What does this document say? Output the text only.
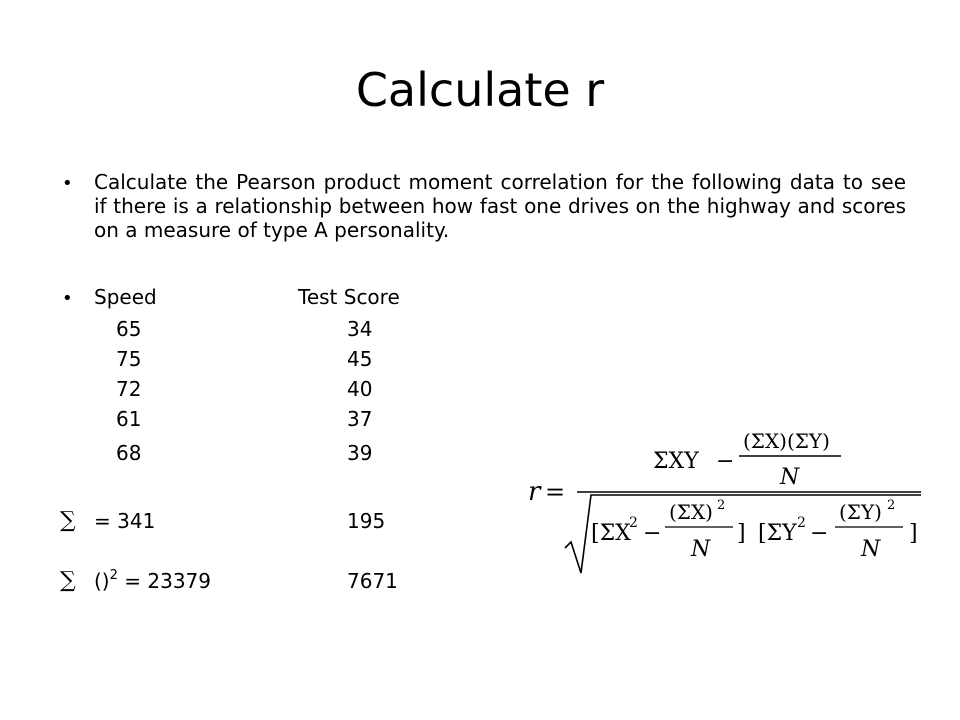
Calculate r
• Calculate the Pearson product moment correlation for the following data to see if there is a relationship between how fast one drives on the highway and scores on a measure of type A personality.
• Speed	Test Score
65	34
75	45
72	40
61	37
68	39
∑ = 341	195
∑ ()$^2$ = 23379	7671
r =
ΣXY −
(ΣX)(ΣY)
N
[ΣX
2 −
(ΣX) 2
N
] [ΣY 2 −
(ΣY) 2
N
]
